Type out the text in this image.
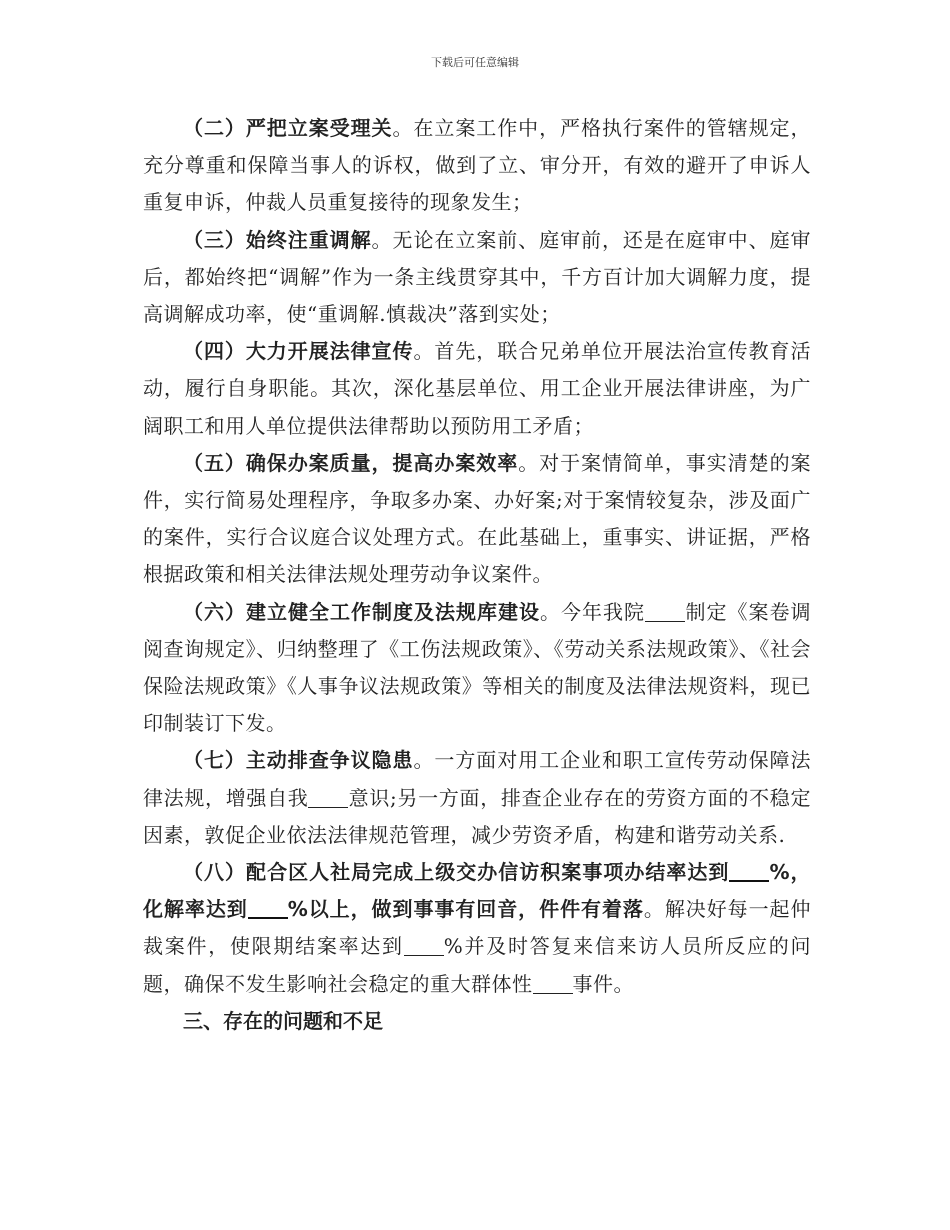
下载后可任意编辑

（二）严把立案受理关。在立案工作中，严格执行案件的管辖规定，充分尊重和保障当事人的诉权，做到了立、审分开，有效的避开了申诉人重复申诉，仲裁人员重复接待的现象发生；

（三）始终注重调解。无论在立案前、庭审前，还是在庭审中、庭审后，都始终把“调解”作为一条主线贯穿其中，千方百计加大调解力度，提高调解成功率，使“重调解.慎裁决”落到实处；

（四）大力开展法律宣传。首先，联合兄弟单位开展法治宣传教育活动，履行自身职能。其次，深化基层单位、用工企业开展法律讲座，为广阔职工和用人单位提供法律帮助以预防用工矛盾；

（五）确保办案质量，提高办案效率。对于案情简单，事实清楚的案件，实行简易处理程序，争取多办案、办好案;对于案情较复杂，涉及面广的案件，实行合议庭合议处理方式。在此基础上，重事实、讲证据，严格根据政策和相关法律法规处理劳动争议案件。

（六）建立健全工作制度及法规库建设。今年我院 制定《案卷调阅查询规定》、归纳整理了《工伤法规政策》、《劳动关系法规政策》、《社会保险法规政策》《人事争议法规政策》等相关的制度及法律法规资料，现已印制装订下发。

（七）主动排查争议隐患。一方面对用工企业和职工宣传劳动保障法律法规，增强自我 意识;另一方面，排查企业存在的劳资方面的不稳定因素，敦促企业依法法律规范管理，减少劳资矛盾，构建和谐劳动关系.

（八）配合区人社局完成上级交办信访积案事项办结率达到 %，化解率达到 %以上，做到事事有回音，件件有着落。解决好每一起仲裁案件，使限期结案率达到 %并及时答复来信来访人员所反应的问题，确保不发生影响社会稳定的重大群体性 事件。

三、存在的问题和不足
